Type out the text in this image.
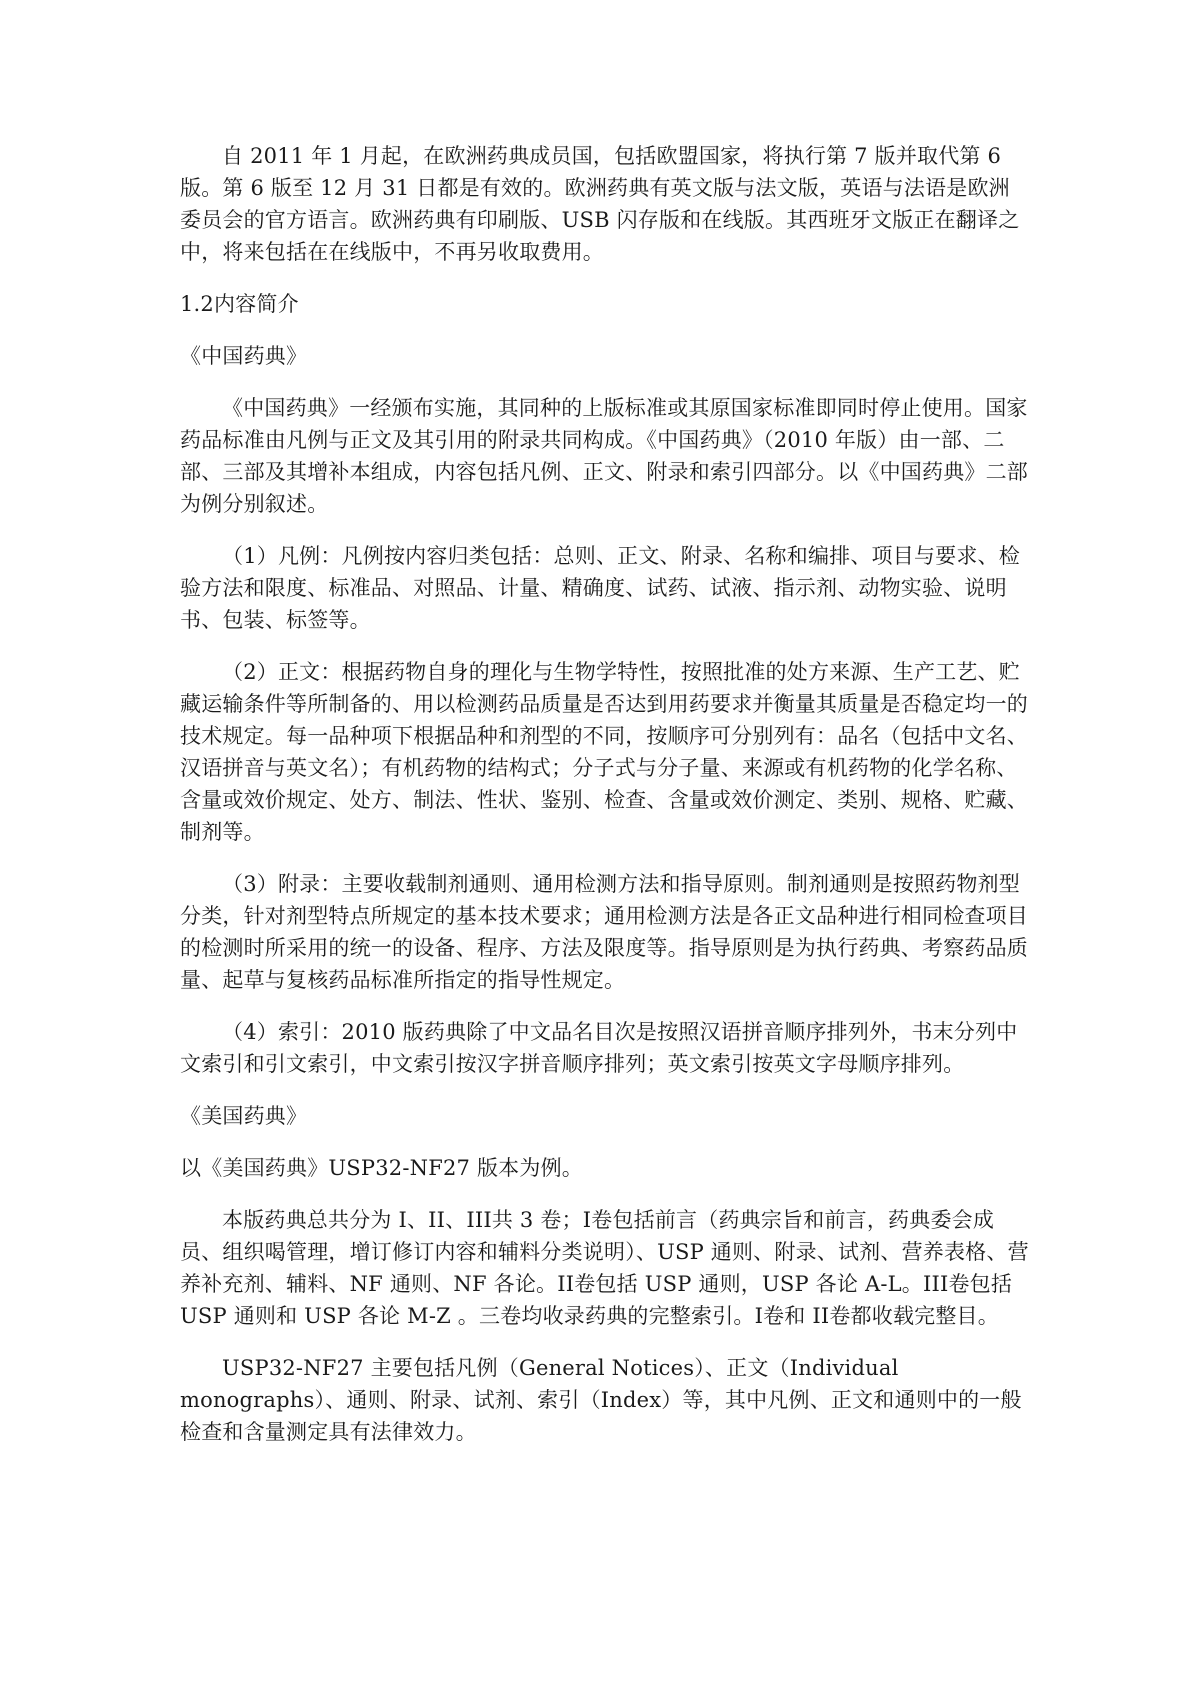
自 2011 年 1 月起，在欧洲药典成员国，包括欧盟国家，将执行第 7 版并取代第 6 版。第 6 版至 12 月 31 日都是有效的。欧洲药典有英文版与法文版，英语与法语是欧洲委员会的官方语言。欧洲药典有印刷版、USB 闪存版和在线版。其西班牙文版正在翻译之中，将来包括在在线版中，不再另收取费用。

1.2内容简介

《中国药典》

《中国药典》一经颁布实施，其同种的上版标准或其原国家标准即同时停止使用。国家药品标准由凡例与正文及其引用的附录共同构成。《中国药典》（2010 年版）由一部、二部、三部及其增补本组成，内容包括凡例、正文、附录和索引四部分。以《中国药典》二部为例分别叙述。

（1）凡例：凡例按内容归类包括：总则、正文、附录、名称和编排、项目与要求、检验方法和限度、标准品、对照品、计量、精确度、试药、试液、指示剂、动物实验、说明书、包装、标签等。

（2）正文：根据药物自身的理化与生物学特性，按照批准的处方来源、生产工艺、贮藏运输条件等所制备的、用以检测药品质量是否达到用药要求并衡量其质量是否稳定均一的技术规定。每一品种项下根据品种和剂型的不同，按顺序可分别列有：品名（包括中文名、汉语拼音与英文名）；有机药物的结构式；分子式与分子量、来源或有机药物的化学名称、含量或效价规定、处方、制法、性状、鉴别、检查、含量或效价测定、类别、规格、贮藏、制剂等。

（3）附录：主要收载制剂通则、通用检测方法和指导原则。制剂通则是按照药物剂型分类，针对剂型特点所规定的基本技术要求；通用检测方法是各正文品种进行相同检查项目的检测时所采用的统一的设备、程序、方法及限度等。指导原则是为执行药典、考察药品质量、起草与复核药品标准所指定的指导性规定。

（4）索引：2010 版药典除了中文品名目次是按照汉语拼音顺序排列外，书末分列中文索引和引文索引，中文索引按汉字拼音顺序排列；英文索引按英文字母顺序排列。

《美国药典》

以《美国药典》USP32-NF27 版本为例。

本版药典总共分为 I、II、III共 3 卷；I卷包括前言（药典宗旨和前言，药典委会成员、组织喝管理，增订修订内容和辅料分类说明）、USP 通则、附录、试剂、营养表格、营养补充剂、辅料、NF 通则、NF 各论。II卷包括 USP 通则，USP 各论 A-L。III卷包括 USP 通则和 USP 各论 M-Z 。三卷均收录药典的完整索引。I卷和 II卷都收载完整目。

USP32-NF27 主要包括凡例（General Notices）、正文（Individual monographs）、通则、附录、试剂、索引（Index）等，其中凡例、正文和通则中的一般检查和含量测定具有法律效力。
